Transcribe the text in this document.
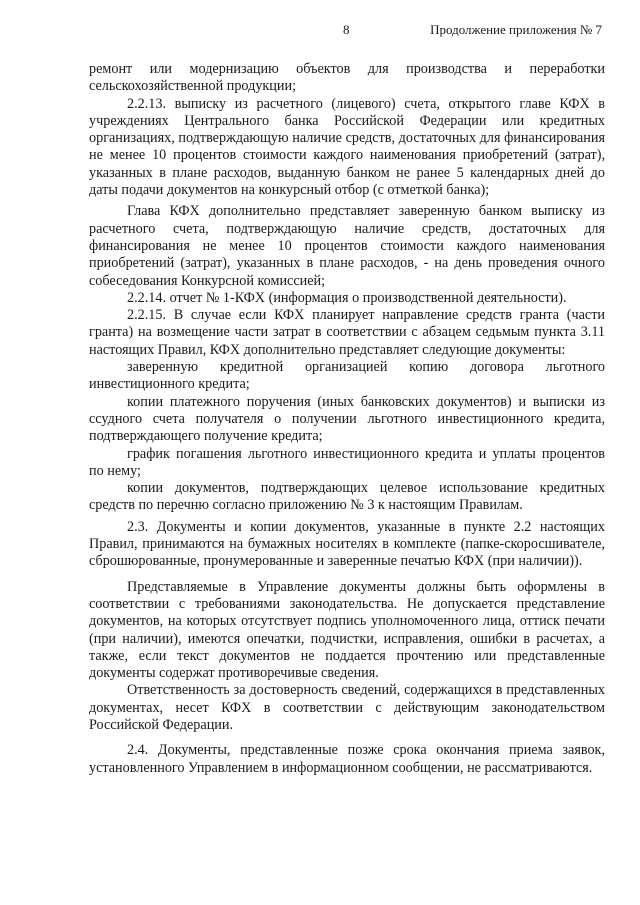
8	Продолжение приложения № 7

ремонт или модернизацию объектов для производства и переработки сельскохозяйственной продукции;

2.2.13. выписку из расчетного (лицевого) счета, открытого главе КФХ в учреждениях Центрального банка Российской Федерации или кредитных организациях, подтверждающую наличие средств, достаточных для финансирования не менее 10 процентов стоимости каждого наименования приобретений (затрат), указанных в плане расходов, выданную банком не ранее 5 календарных дней до даты подачи документов на конкурсный отбор (с отметкой банка);

Глава КФХ дополнительно представляет заверенную банком выписку из расчетного счета, подтверждающую наличие средств, достаточных для финансирования не менее 10 процентов стоимости каждого наименования приобретений (затрат), указанных в плане расходов, - на день проведения очного собеседования Конкурсной комиссией;

2.2.14. отчет № 1-КФХ (информация о производственной деятельности).

2.2.15. В случае если КФХ планирует направление средств гранта (части гранта) на возмещение части затрат в соответствии с абзацем седьмым пункта 3.11 настоящих Правил, КФХ дополнительно представляет следующие документы:

заверенную кредитной организацией копию договора льготного инвестиционного кредита;

копии платежного поручения (иных банковских документов) и выписки из ссудного счета получателя о получении льготного инвестиционного кредита, подтверждающего получение кредита;

график погашения льготного инвестиционного кредита и уплаты процентов по нему;

копии документов, подтверждающих целевое использование кредитных средств по перечню согласно приложению № 3 к настоящим Правилам.

2.3. Документы и копии документов, указанные в пункте 2.2 настоящих Правил, принимаются на бумажных носителях в комплекте (папке-скоросшивателе, сброшюрованные, пронумерованные и заверенные печатью КФХ (при наличии)).

Представляемые в Управление документы должны быть оформлены в соответствии с требованиями законодательства. Не допускается представление документов, на которых отсутствует подпись уполномоченного лица, оттиск печати (при наличии), имеются опечатки, подчистки, исправления, ошибки в расчетах, а также, если текст документов не поддается прочтению или представленные документы содержат противоречивые сведения.

Ответственность за достоверность сведений, содержащихся в представленных документах, несет КФХ в соответствии с действующим законодательством Российской Федерации.

2.4. Документы, представленные позже срока окончания приема заявок, установленного Управлением в информационном сообщении, не рассматриваются.
